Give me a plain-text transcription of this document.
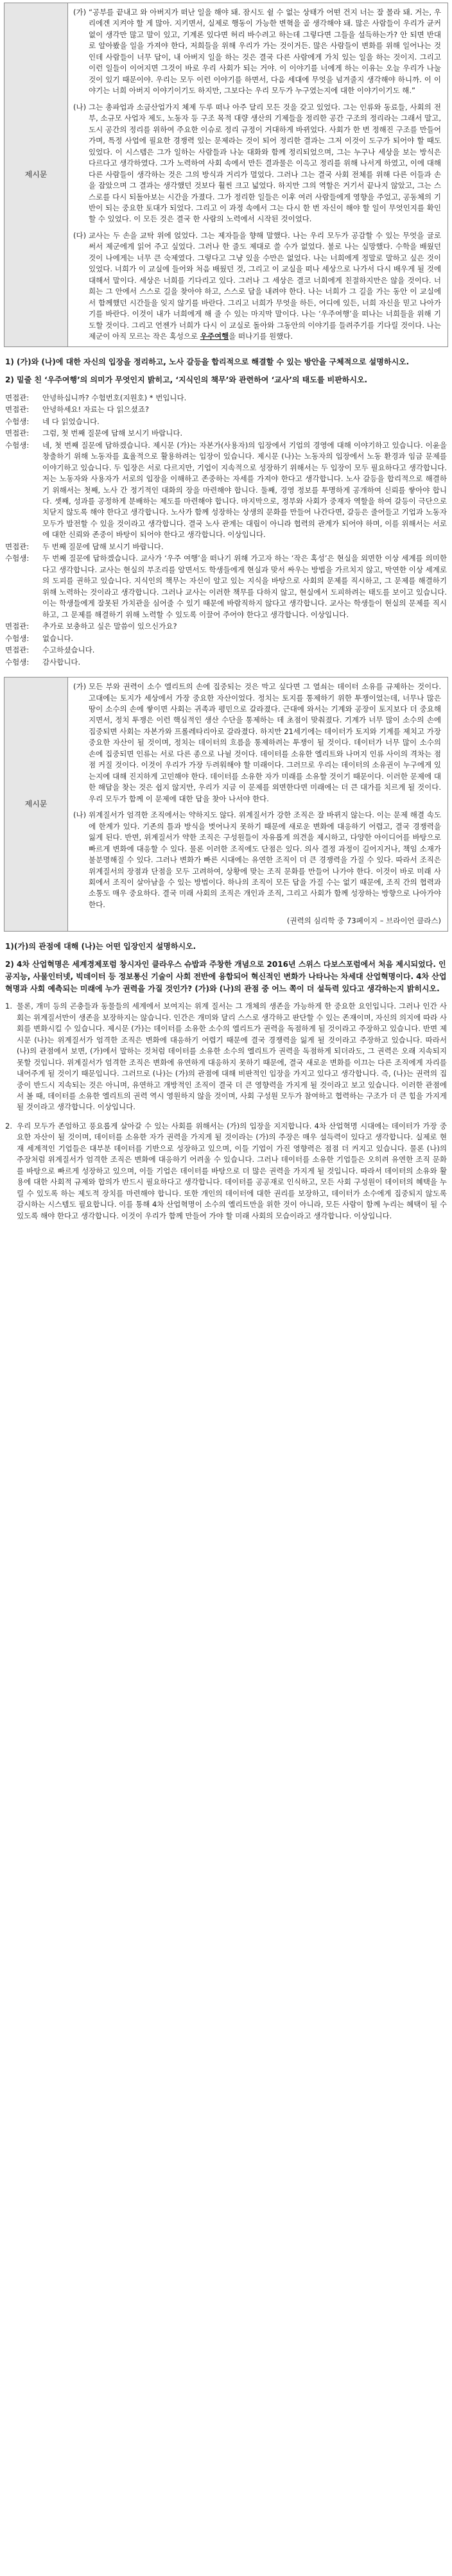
제시문	
(가) “공부를 끝내고 와 아버지가 떠난 일을 해야 돼. 잠시도 쉴 수 없는 상태가 어떤 건지 너는 잘 몰라 돼. 거는, 우리에겐 지켜야 할 게 많아. 지키면서, 실제로 행동이 가능한 변혁을 골 생각해야 돼. 많은 사람들이 우리가 균커 없이 생각만 많고 말이 있고, 기계론 있다면 허리 바수려고 하는데 그렇다면 그들을 설득하는가? 안 되면 반대로 알아봤을 일을 가져야 한다, 저희들을 위해 우리가 가는 것이거든. 많은 사람들이 변화를 위해 일어나는 것인데 사람들이 너무 답이, 내 아버지 일을 하는 것은 결국 다른 사람에게 가치 있는 일을 하는 것이지. 그리고 이런 일들이 이어지면 그것이 바로 우리 사회가 되는 거야. 이 이야기를 너에게 하는 이유는 오늘 우리가 나눌 것이 있기 때문이야. 우리는 모두 이런 이야기를 하면서, 다음 세대에 무엇을 넘겨줄지 생각해야 하니까. 이 이야기는 너희 아버지 이야기이기도 하지만, 그보다는 우리 모두가 누구였는지에 대한 이야기이기도 해.”
(나) 그는 총파업과 소금산업가지 체제 두루 떠나 아주 달리 모든 것을 갖고 있었다. 그는 인류와 동료들, 사회의 전부, 소규모 사업자 제도, 노동자 등 구조 목적 대량 생산의 기제들을 정리한 공간 구조의 정리라는 그래서 말고, 도시 공간의 정리를 위하여 주요한 이슈로 정리 규정이 거대하게 바뀌었다. 사회가 한 번 정해진 구조를 만들어 가며, 특정 사업에 필요한 경쟁력 있는 문제라는 것이 되어 정리한 결과는 그저 이것이 도구가 되어야 할 때도 있었다. 이 시스템은 그가 일하는 사람들과 나눈 대화와 함께 정리되었으며, 그는 누구나 세상을 보는 방식은 다르다고 생각하였다. 그가 노력하여 사회 속에서 만든 결과물은 이윽고 정리를 위해 나서게 하였고, 이에 대해 다른 사람들이 생각하는 것은 그의 방식과 거리가 멀었다. 그러나 그는 결국 사회 전체를 위해 다른 이들과 손을 잡았으며 그 결과는 생각했던 것보다 훨씬 크고 넓었다. 하지만 그의 역할은 거기서 끝나지 않았고, 그는 스스로를 다시 되돌아보는 시간을 가졌다. 그가 정리한 일들은 이후 여러 사람들에게 영향을 주었고, 공동체의 기반이 되는 중요한 토대가 되었다. 그리고 이 과정 속에서 그는 다시 한 번 자신이 해야 할 일이 무엇인지를 확인할 수 있었다. 이 모든 것은 결국 한 사람의 노력에서 시작된 것이었다.
(다) 교사는 두 손을 교탁 위에 얹었다. 그는 제자들을 향해 말했다. 나는 우리 모두가 공감할 수 있는 무엇을 글로 써서 제군에게 읽어 주고 싶었다. 그러나 한 줄도 제대로 쓸 수가 없었다. 불로 나는 실망했다. 수학을 배웠던 것이 나에게는 너무 큰 숙제였다. 그렇다고 그냥 있을 수만은 없었다. 나는 너희에게 정말로 말하고 싶은 것이 있었다. 너희가 이 교실에 들어와 처음 배웠던 것, 그리고 이 교실을 떠나 세상으로 나가서 다시 배우게 될 것에 대해서 말이다. 세상은 너희를 기다리고 있다. 그러나 그 세상은 결코 너희에게 친절하지만은 않을 것이다. 너희는 그 안에서 스스로 길을 찾아야 하고, 스스로 답을 내려야 한다. 나는 너희가 그 길을 가는 동안 이 교실에서 함께했던 시간들을 잊지 않기를 바란다. 그리고 너희가 무엇을 하든, 어디에 있든, 너희 자신을 믿고 나아가기를 바란다. 이것이 내가 너희에게 해 줄 수 있는 마지막 말이다. 나는 ‘우주여행’을 떠나는 너희들을 위해 기도할 것이다. 그리고 언젠가 너희가 다시 이 교실로 돌아와 그동안의 이야기를 들려주기를 기다릴 것이다. 나는 제군이 아직 모르는 작은 혹성으로 우주여행을 떠나기를 원했다.
1) (가)와 (나)에 대한 자신의 입장을 정리하고, 노사 갈등을 합리적으로 해결할 수 있는 방안을 구체적으로 설명하시오.
2) 밑줄 친 ‘우주여행’의 의미가 무엇인지 밝히고, ‘지식인의 책무’와 관련하여 ‘교사’의 태도를 비판하시오.
면접관:	안녕하십니까? 수험번호(지원호) * 번입니다.
면접관:	안녕하세요! 자료는 다 읽으셨죠?
수험생:	네 다 읽었습니다.
면접관:	그럼, 첫 번째 질문에 답해 보시기 바랍니다.
수험생:	네, 첫 번째 질문에 답하겠습니다. 제시문 (가)는 자본가(사용자)의 입장에서 기업의 경영에 대해 이야기하고 있습니다. 이윤을 창출하기 위해 노동자를 효율적으로 활용하려는 입장이 있습니다. 제시문 (나)는 노동자의 입장에서 노동 환경과 임금 문제를 이야기하고 있습니다. 두 입장은 서로 다르지만, 기업이 지속적으로 성장하기 위해서는 두 입장이 모두 필요하다고 생각합니다. 저는 노동자와 사용자가 서로의 입장을 이해하고 존중하는 자세를 가져야 한다고 생각합니다. 노사 갈등을 합리적으로 해결하기 위해서는 첫째, 노사 간 정기적인 대화의 장을 마련해야 합니다. 둘째, 경영 정보를 투명하게 공개하여 신뢰를 쌓아야 합니다. 셋째, 성과를 공정하게 분배하는 제도를 마련해야 합니다. 마지막으로, 정부와 사회가 중재자 역할을 하여 갈등이 극단으로 치닫지 않도록 해야 한다고 생각합니다. 노사가 함께 성장하는 상생의 문화를 만들어 나간다면, 갈등은 줄어들고 기업과 노동자 모두가 발전할 수 있을 것이라고 생각합니다. 결국 노사 관계는 대립이 아니라 협력의 관계가 되어야 하며, 이를 위해서는 서로에 대한 신뢰와 존중이 바탕이 되어야 한다고 생각합니다. 이상입니다.
면접관:	두 번째 질문에 답해 보시기 바랍니다.
수험생:	두 번째 질문에 답하겠습니다. 교사가 ‘우주 여행’을 떠나기 위해 가고자 하는 ‘작은 혹성’은 현실을 외면한 이상 세계를 의미한다고 생각합니다. 교사는 현실의 부조리를 알면서도 학생들에게 현실과 맞서 싸우는 방법을 가르치지 않고, 막연한 이상 세계로의 도피를 권하고 있습니다. 지식인의 책무는 자신이 알고 있는 지식을 바탕으로 사회의 문제를 직시하고, 그 문제를 해결하기 위해 노력하는 것이라고 생각합니다. 그러나 교사는 이러한 책무를 다하지 않고, 현실에서 도피하려는 태도를 보이고 있습니다. 이는 학생들에게 잘못된 가치관을 심어줄 수 있기 때문에 바람직하지 않다고 생각합니다. 교사는 학생들이 현실의 문제를 직시하고, 그 문제를 해결하기 위해 노력할 수 있도록 이끌어 주어야 한다고 생각합니다. 이상입니다.
면접관:	추가로 보충하고 싶은 말씀이 있으신가요?
수험생:	없습니다.
면접관:	수고하셨습니다.
수험생:	감사합니다.
제시문	
(가) 모든 부와 권력이 소수 엘리트의 손에 집중되는 것은 막고 싶다면 그 열쇠는 데이터 소유를 규제하는 것이다. 고대에는 토지가 세상에서 가장 중요한 자산이었다. 정치는 토지를 통제하기 위한 투쟁이었는데, 너무나 많은 땅이 소수의 손에 쌓이면 사회는 귀족과 평민으로 갈라졌다. 근대에 와서는 기계와 공장이 토지보다 더 중요해지면서, 정치 투쟁은 이런 핵심적인 생산 수단을 통제하는 데 초점이 맞춰졌다. 기계가 너무 많이 소수의 손에 집중되면 사회는 자본가와 프롤레타리아로 갈라졌다. 하지만 21세기에는 데이터가 토지와 기계를 제치고 가장 중요한 자산이 될 것이며, 정치는 데이터의 흐름을 통제하려는 투쟁이 될 것이다. 데이터가 너무 많이 소수의 손에 집중되면 인류는 서로 다른 종으로 나뉠 것이다. 데이터를 소유한 엘리트와 나머지 인류 사이의 격차는 점점 커질 것이다. 이것이 우리가 가장 두려워해야 할 미래이다. 그러므로 우리는 데이터의 소유권이 누구에게 있는지에 대해 진지하게 고민해야 한다. 데이터를 소유한 자가 미래를 소유할 것이기 때문이다. 이러한 문제에 대한 해답을 찾는 것은 쉽지 않지만, 우리가 지금 이 문제를 외면한다면 미래에는 더 큰 대가를 치르게 될 것이다. 우리 모두가 함께 이 문제에 대한 답을 찾아 나서야 한다.
(나) 위계질서가 엄격한 조직에서는 약하지도 않다. 위계질서가 강한 조직은 잘 바뀌지 않는다. 이는 문제 해결 속도에 한계가 있다. 기존의 틀과 방식을 벗어나지 못하기 때문에 새로운 변화에 대응하기 어렵고, 결국 경쟁력을 잃게 된다. 반면, 위계질서가 약한 조직은 구성원들이 자유롭게 의견을 제시하고, 다양한 아이디어를 바탕으로 빠르게 변화에 대응할 수 있다. 물론 이러한 조직에도 단점은 있다. 의사 결정 과정이 길어지거나, 책임 소재가 불분명해질 수 있다. 그러나 변화가 빠른 시대에는 유연한 조직이 더 큰 경쟁력을 가질 수 있다. 따라서 조직은 위계질서의 장점과 단점을 모두 고려하여, 상황에 맞는 조직 문화를 만들어 나가야 한다. 이것이 바로 미래 사회에서 조직이 살아남을 수 있는 방법이다. 하나의 조직이 모든 답을 가질 수는 없기 때문에, 조직 간의 협력과 소통도 매우 중요하다. 결국 미래 사회의 조직은 개인과 조직, 그리고 사회가 함께 성장하는 방향으로 나아가야 한다.
(권력의 심리학 중 73페이지 – 브라이언 클라스)
1)(가)의 관점에 대해 (나)는 어떤 입장인지 설명하시오.
2) 4차 산업혁명은 세계경제포럼 창시자인 클라우스 슈밥과 주창한 개념으로 2016년 스위스 다보스포럼에서 처음 제시되었다. 인공지능, 사물인터넷, 빅데이터 등 정보통신 기술이 사회 전반에 융합되어 혁신적인 변화가 나타나는 차세대 산업혁명이다. 4차 산업혁명과 사회 예측되는 미래에 누가 권력을 가질 것인가? (가)와 (나)의 관점 중 어느 쪽이 더 설득력 있다고 생각하는지 밝히시오.
1. 물론, 개미 등의 곤충들과 동물들의 세계에서 보여지는 위계 질서는 그 개체의 생존을 가능하게 한 중요한 요인입니다. 그러나 인간 사회는 위계질서만이 생존을 보장하지는 않습니다. 인간은 개미와 달리 스스로 생각하고 판단할 수 있는 존재이며, 자신의 의지에 따라 사회를 변화시킬 수 있습니다. 제시문 (가)는 데이터를 소유한 소수의 엘리트가 권력을 독점하게 될 것이라고 주장하고 있습니다. 반면 제시문 (나)는 위계질서가 엄격한 조직은 변화에 대응하기 어렵기 때문에 결국 경쟁력을 잃게 될 것이라고 주장하고 있습니다. 따라서 (나)의 관점에서 보면, (가)에서 말하는 것처럼 데이터를 소유한 소수의 엘리트가 권력을 독점하게 되더라도, 그 권력은 오래 지속되지 못할 것입니다. 위계질서가 엄격한 조직은 변화에 유연하게 대응하지 못하기 때문에, 결국 새로운 변화를 이끄는 다른 조직에게 자리를 내어주게 될 것이기 때문입니다. 그러므로 (나)는 (가)의 관점에 대해 비판적인 입장을 가지고 있다고 생각합니다. 즉, (나)는 권력의 집중이 반드시 지속되는 것은 아니며, 유연하고 개방적인 조직이 결국 더 큰 영향력을 가지게 될 것이라고 보고 있습니다. 이러한 관점에서 볼 때, 데이터를 소유한 엘리트의 권력 역시 영원하지 않을 것이며, 사회 구성원 모두가 참여하고 협력하는 구조가 더 큰 힘을 가지게 될 것이라고 생각합니다. 이상입니다.
2. 우리 모두가 존엄하고 풍요롭게 살아갈 수 있는 사회를 위해서는 (가)의 입장을 지지합니다. 4차 산업혁명 시대에는 데이터가 가장 중요한 자산이 될 것이며, 데이터를 소유한 자가 권력을 가지게 될 것이라는 (가)의 주장은 매우 설득력이 있다고 생각합니다. 실제로 현재 세계적인 기업들은 대부분 데이터를 기반으로 성장하고 있으며, 이들 기업이 가진 영향력은 점점 더 커지고 있습니다. 물론 (나)의 주장처럼 위계질서가 엄격한 조직은 변화에 대응하기 어려울 수 있습니다. 그러나 데이터를 소유한 기업들은 오히려 유연한 조직 문화를 바탕으로 빠르게 성장하고 있으며, 이들 기업은 데이터를 바탕으로 더 많은 권력을 가지게 될 것입니다. 따라서 데이터의 소유와 활용에 대한 사회적 규제와 합의가 반드시 필요하다고 생각합니다. 데이터를 공공재로 인식하고, 모든 사회 구성원이 데이터의 혜택을 누릴 수 있도록 하는 제도적 장치를 마련해야 합니다. 또한 개인의 데이터에 대한 권리를 보장하고, 데이터가 소수에게 집중되지 않도록 감시하는 시스템도 필요합니다. 이를 통해 4차 산업혁명이 소수의 엘리트만을 위한 것이 아니라, 모든 사람이 함께 누리는 혜택이 될 수 있도록 해야 한다고 생각합니다. 이것이 우리가 함께 만들어 가야 할 미래 사회의 모습이라고 생각합니다. 이상입니다.
